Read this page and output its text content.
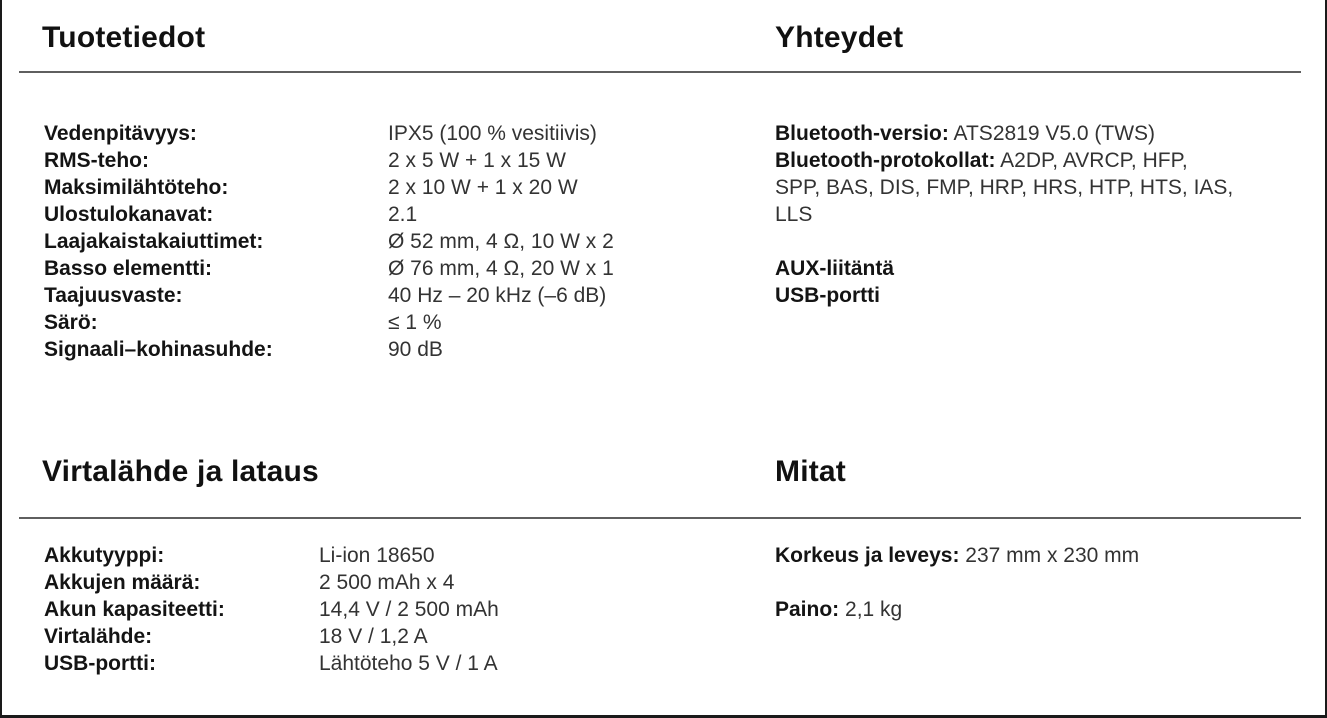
Tuotetiedot	Yhteydet
Vedenpitävyys:	IPX5 (100 % vesitiivis)
RMS-teho:	2 x 5 W + 1 x 15 W
Maksimilähtöteho:	2 x 10 W + 1 x 20 W
Ulostulokanavat:	2.1
Laajakaistakaiuttimet:	Ø 52 mm, 4 Ω, 10 W x 2
Basso elementti:	Ø 76 mm, 4 Ω, 20 W x 1
Taajuusvaste:	40 Hz – 20 kHz (–6 dB)
Särö:	≤ 1 %
Signaali–kohinasuhde:	90 dB
Bluetooth-versio: ATS2819 V5.0 (TWS)
Bluetooth-protokollat: A2DP, AVRCP, HFP,
SPP, BAS, DIS, FMP, HRP, HRS, HTP, HTS, IAS,
LLS
AUX-liitäntä
USB-portti
Virtalähde ja lataus	Mitat
Akkutyyppi:	Li-ion 18650
Akkujen määrä:	2 500 mAh x 4
Akun kapasiteetti:	14,4 V / 2 500 mAh
Virtalähde:	18 V / 1,2 A
USB-portti:	Lähtöteho 5 V / 1 A
Korkeus ja leveys: 237 mm x 230 mm
Paino: 2,1 kg
